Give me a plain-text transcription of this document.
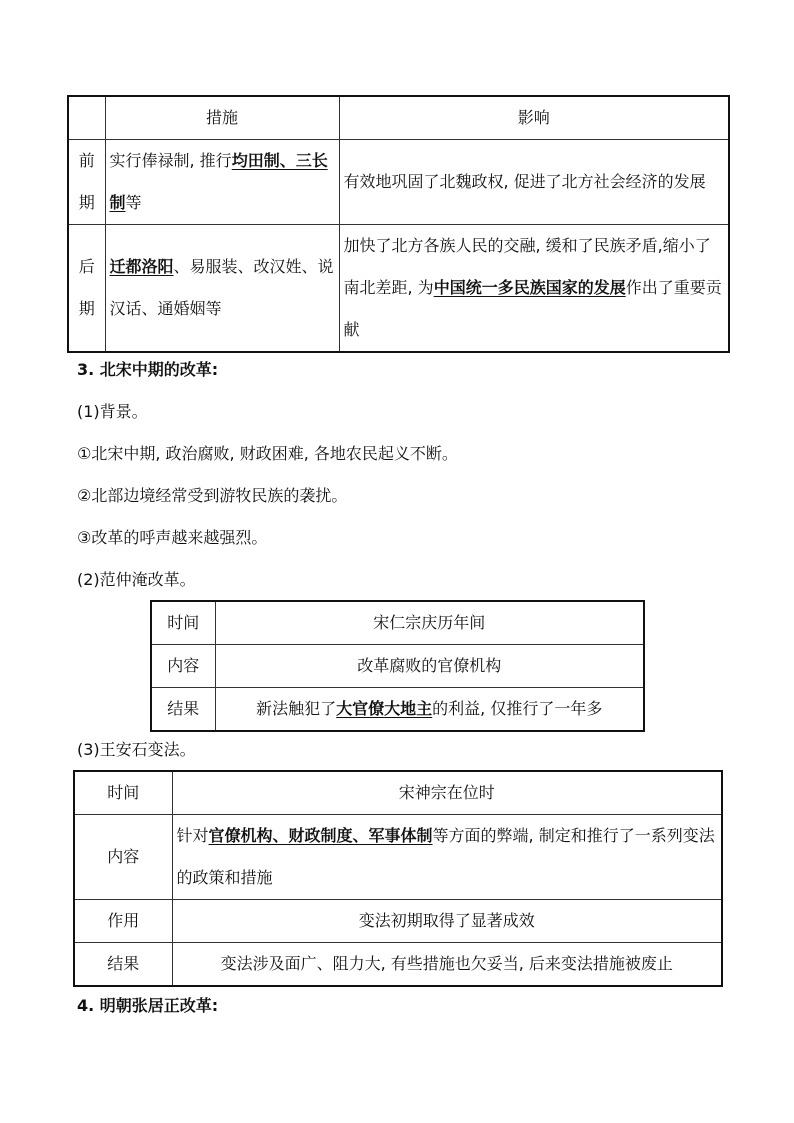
	措施	影响
前
期	实行俸禄制, 推行均田制、三长制等	有效地巩固了北魏政权, 促进了北方社会经济的发展
后
期	迁都洛阳、易服装、改汉姓、说汉话、通婚姻等	加快了北方各族人民的交融, 缓和了民族矛盾,缩小了南北差距, 为中国统一多民族国家的发展作出了重要贡献

3. 北宋中期的改革:

(1)背景。

①北宋中期, 政治腐败, 财政困难, 各地农民起义不断。

②北部边境经常受到游牧民族的袭扰。

③改革的呼声越来越强烈。

(2)范仲淹改革。

时间	宋仁宗庆历年间
内容	改革腐败的官僚机构
结果	新法触犯了大官僚大地主的利益, 仅推行了一年多

(3)王安石变法。

时间	宋神宗在位时
内容	针对官僚机构、财政制度、军事体制等方面的弊端, 制定和推行了一系列变法的政策和措施
作用	变法初期取得了显著成效
结果	变法涉及面广、阻力大, 有些措施也欠妥当, 后来变法措施被废止

4. 明朝张居正改革:
